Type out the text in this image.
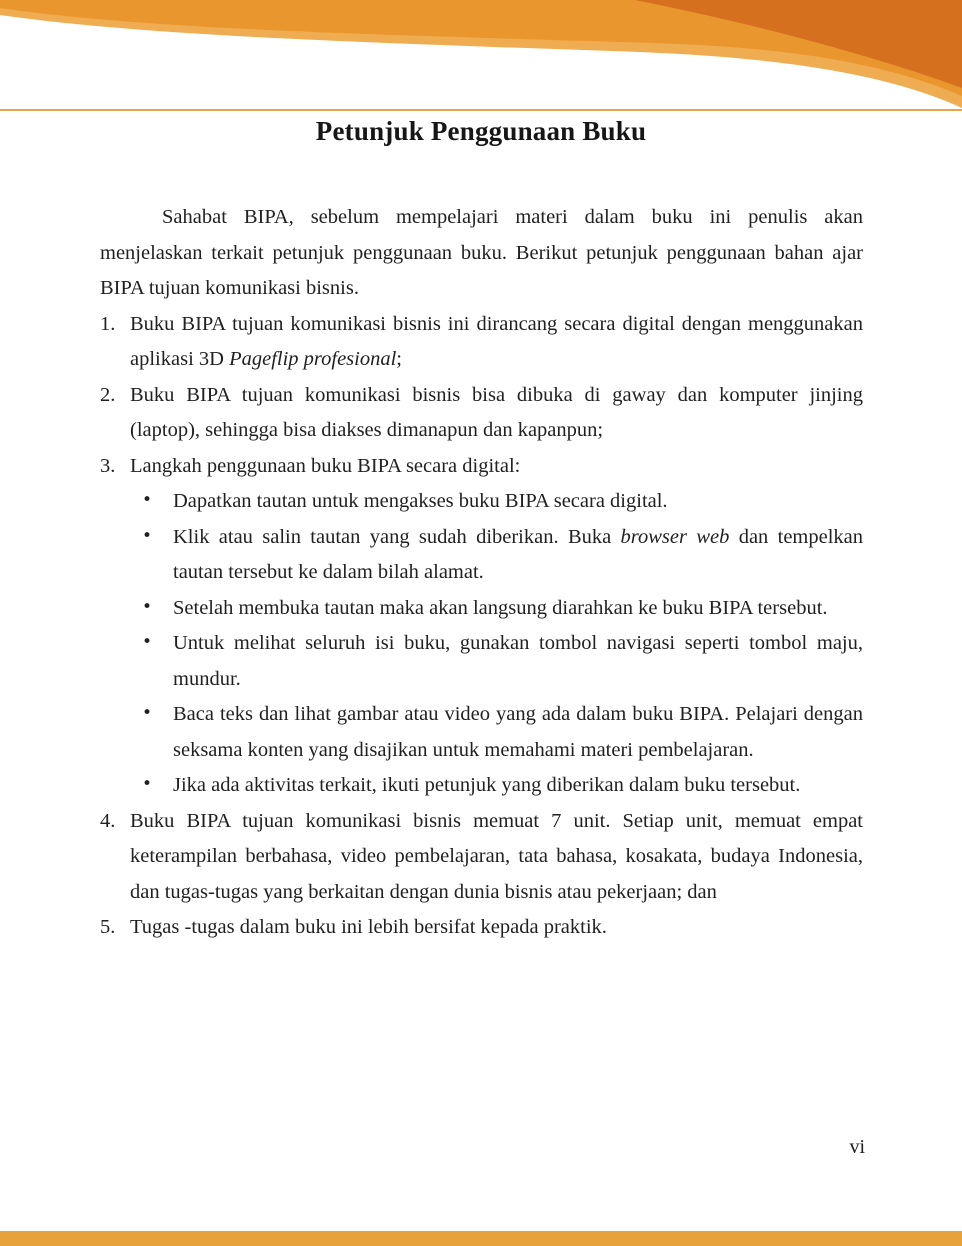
Petunjuk Penggunaan Buku

Sahabat BIPA, sebelum mempelajari materi dalam buku ini penulis akan menjelaskan terkait petunjuk penggunaan buku. Berikut petunjuk penggunaan bahan ajar BIPA tujuan komunikasi bisnis.

1. Buku BIPA tujuan komunikasi bisnis ini dirancang secara digital dengan menggunakan aplikasi 3D Pageflip profesional;
2. Buku BIPA tujuan komunikasi bisnis bisa dibuka di gaway dan komputer jinjing (laptop), sehingga bisa diakses dimanapun dan kapanpun;
3. Langkah penggunaan buku BIPA secara digital:
• Dapatkan tautan untuk mengakses buku BIPA secara digital.
• Klik atau salin tautan yang sudah diberikan. Buka browser web dan tempelkan tautan tersebut ke dalam bilah alamat.
• Setelah membuka tautan maka akan langsung diarahkan ke buku BIPA tersebut.
• Untuk melihat seluruh isi buku, gunakan tombol navigasi seperti tombol maju, mundur.
• Baca teks dan lihat gambar atau video yang ada dalam buku BIPA. Pelajari dengan seksama konten yang disajikan untuk memahami materi pembelajaran.
• Jika ada aktivitas terkait, ikuti petunjuk yang diberikan dalam buku tersebut.
4. Buku BIPA tujuan komunikasi bisnis memuat 7 unit. Setiap unit, memuat empat keterampilan berbahasa, video pembelajaran, tata bahasa, kosakata, budaya Indonesia, dan tugas-tugas yang berkaitan dengan dunia bisnis atau pekerjaan; dan
5. Tugas -tugas dalam buku ini lebih bersifat kepada praktik.
vi
